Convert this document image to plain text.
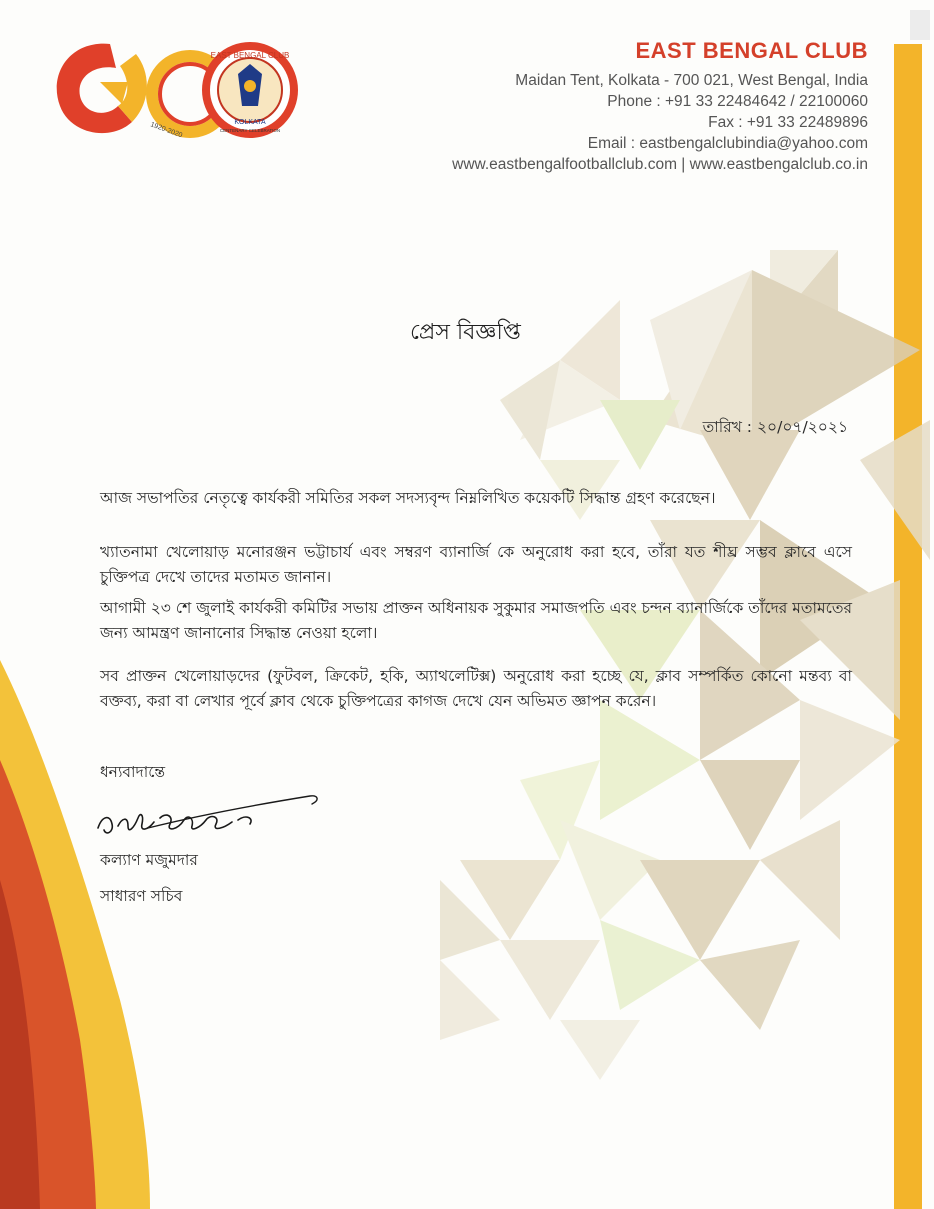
EAST BENGAL CLUB
KOLKATA
CENTENARY CELEBRATION
1920-2020
EAST BENGAL CLUB
Maidan Tent, Kolkata - 700 021, West Bengal, India
Phone : +91 33 22484642 / 22100060
Fax : +91 33 22489896
Email : eastbengalclubindia@yahoo.com
www.eastbengalfootballclub.com | www.eastbengalclub.co.in
প্রেস বিজ্ঞপ্তি
তারিখ : ২০/০৭/২০২১
আজ সভাপতির নেতৃত্বে কার্যকরী সমিতির সকল সদস্যবৃন্দ নিম্নলিখিত কয়েকটি সিদ্ধান্ত গ্রহণ করেছেন।
খ্যাতনামা খেলোয়াড় মনোরঞ্জন ভট্টাচার্য এবং সম্বরণ ব্যানার্জি কে অনুরোধ করা হবে, তাঁরা যত শীঘ্র সম্ভব ক্লাবে এসে চুক্তিপত্র দেখে তাদের মতামত জানান।
আগামী ২৩ শে জুলাই কার্যকরী কমিটির সভায় প্রাক্তন অধিনায়ক সুকুমার সমাজপতি এবং চন্দন ব্যানার্জিকে তাঁদের মতামতের জন্য আমন্ত্রণ জানানোর সিদ্ধান্ত নেওয়া হলো।
সব প্রাক্তন খেলোয়াড়দের (ফুটবল, ক্রিকেট, হকি, অ্যাথলেটিক্স) অনুরোধ করা হচ্ছে যে, ক্লাব সম্পর্কিত কোনো মন্তব্য বা বক্তব্য, করা বা লেখার পূর্বে ক্লাব থেকে চুক্তিপত্রের কাগজ দেখে যেন অভিমত জ্ঞাপন করেন।
ধন্যবাদান্তে
কল্যাণ মজুমদার
সাধারণ সচিব
